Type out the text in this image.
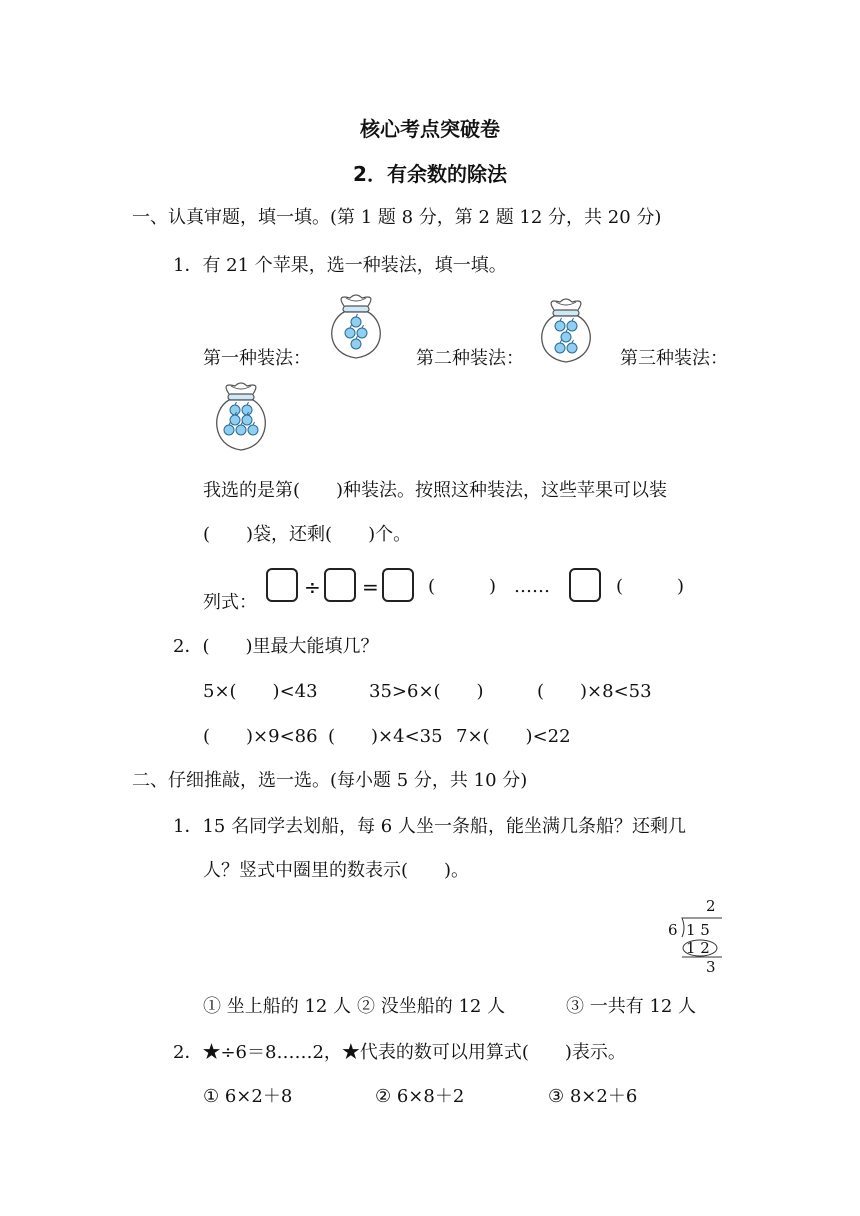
核心考点突破卷
2．有余数的除法
一、认真审题，填一填。(第 1 题 8 分，第 2 题 12 分，共 20 分)
1．有 21 个苹果，选一种装法，填一填。
第一种装法：	第二种装法：	第三种装法：
我选的是第(　　)种装法。按照这种装法，这些苹果可以装
(　　)袋，还剩(　　)个。
列式：
÷ =	(　　　) ……	(　　　)
2．(　　)里最大能填几？
5×(　　)<43	35>6×(　　)	(　　)×8<53
(　　)×9<86 (　　)×4<35 7×(　　)<22
二、仔细推敲，选一选。(每小题 5 分，共 10 分)
1．15 名同学去划船，每 6 人坐一条船，能坐满几条船？还剩几
人？竖式中圈里的数表示(　　)。
2
6 1 5
1 2
3
① 坐上船的 12 人 ② 没坐船的 12 人	③ 一共有 12 人
2．★÷6＝8……2，★代表的数可以用算式(　　)表示。
① 6×2＋8	② 6×8＋2	③ 8×2＋6
